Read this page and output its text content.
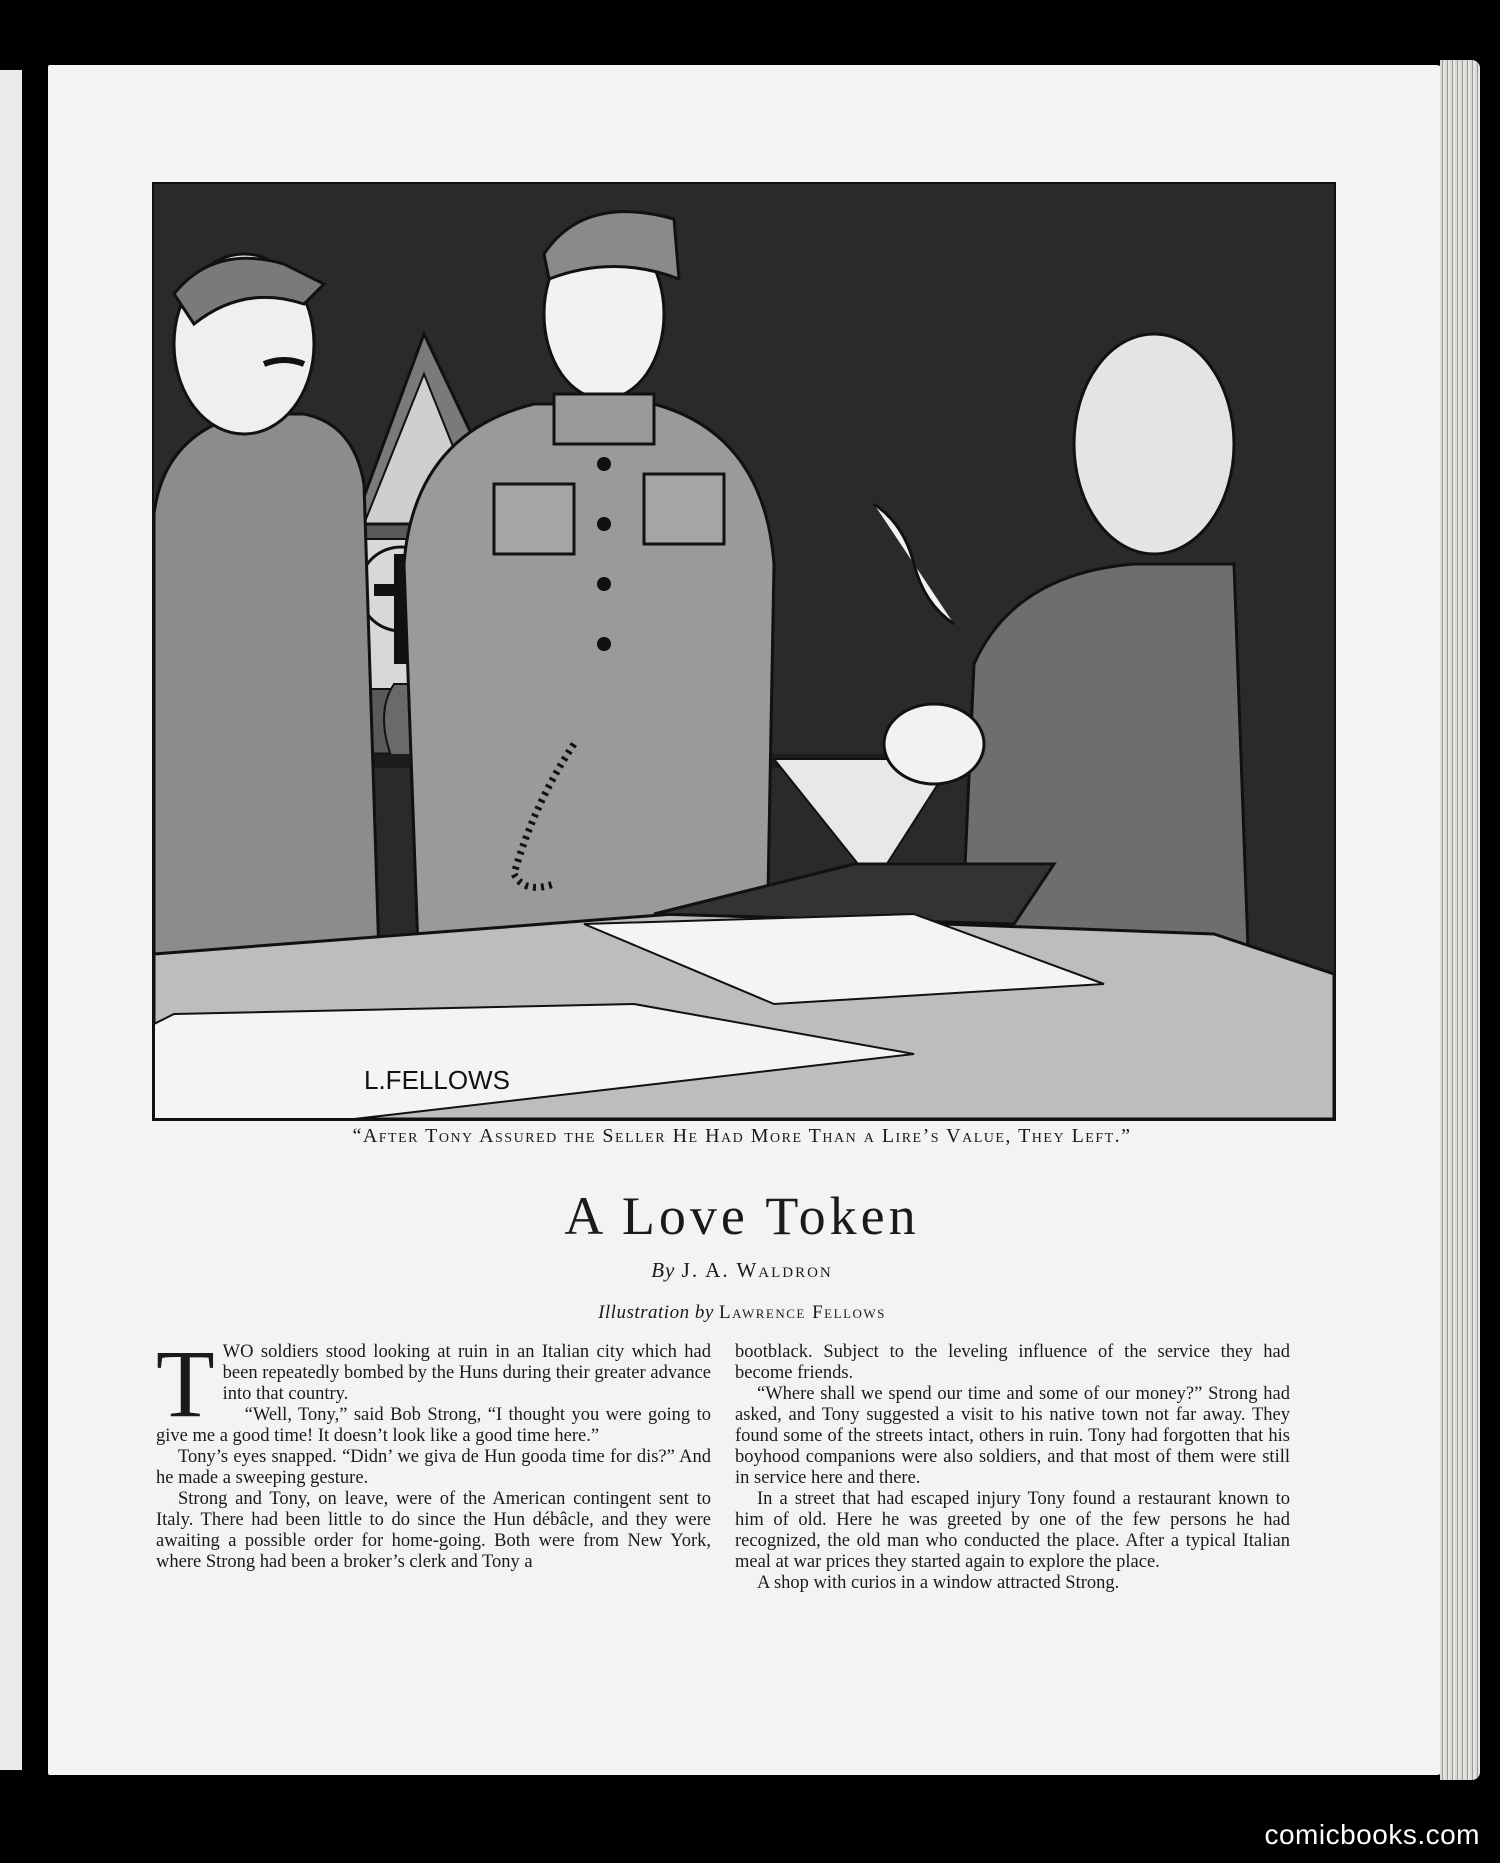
L.FELLOWS
“After Tony Assured the Seller He Had More Than a Lire’s Value, They Left.”
A Love Token
By J. A. Waldron
Illustration by Lawrence Fellows

TWO soldiers stood looking at ruin in an Italian city which had been repeatedly bombed by the Huns during their greater advance into that country.

“Well, Tony,” said Bob Strong, “I thought you were going to give me a good time! It doesn’t look like a good time here.”

Tony’s eyes snapped. “Didn’ we giva de Hun gooda time for dis?” And he made a sweeping gesture.

Strong and Tony, on leave, were of the American contingent sent to Italy. There had been little to do since the Hun débâcle, and they were awaiting a possible order for home-going. Both were from New York, where Strong had been a broker’s clerk and Tony a

bootblack. Subject to the leveling influence of the service they had become friends.

“Where shall we spend our time and some of our money?” Strong had asked, and Tony suggested a visit to his native town not far away. They found some of the streets intact, others in ruin. Tony had forgotten that his boyhood companions were also soldiers, and that most of them were still in service here and there.

In a street that had escaped injury Tony found a restaurant known to him of old. Here he was greeted by one of the few persons he had recognized, the old man who conducted the place. After a typical Italian meal at war prices they started again to explore the place.

A shop with curios in a window attracted Strong.

comicbooks.com
